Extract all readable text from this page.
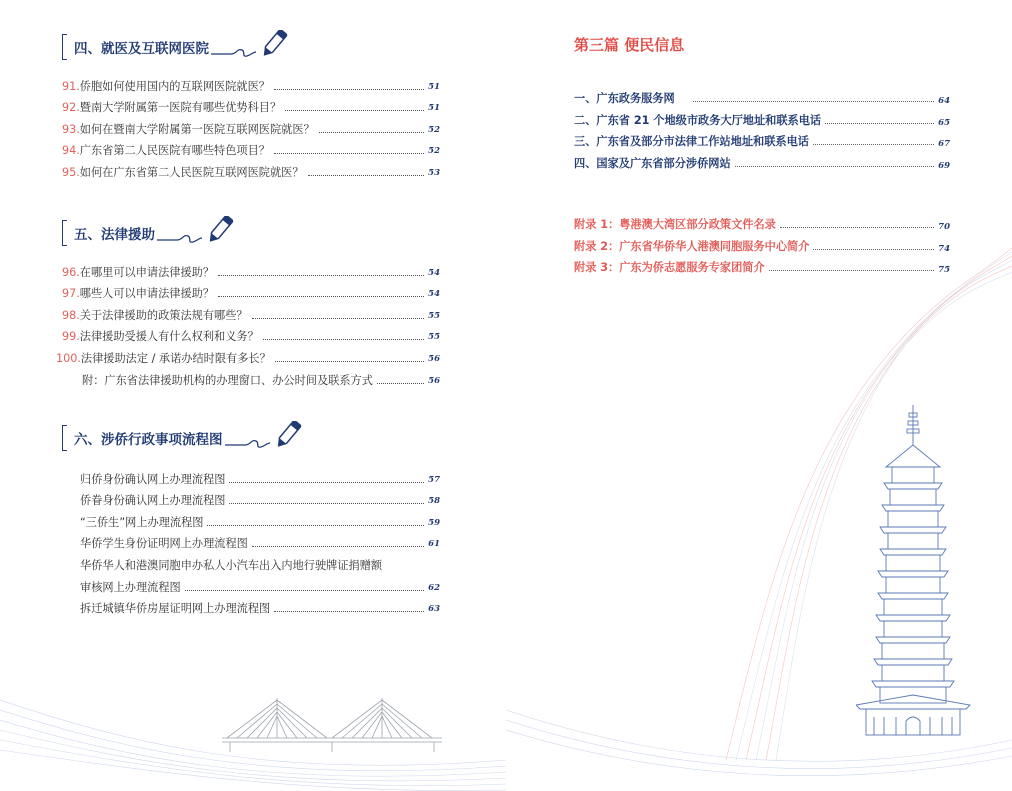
四、就医及互联网医院
91. 侨胞如何使用国内的互联网医院就医？	51
92. 暨南大学附属第一医院有哪些优势科目？	51
93. 如何在暨南大学附属第一医院互联网医院就医？	52
94. 广东省第二人民医院有哪些特色项目？	52
95. 如何在广东省第二人民医院互联网医院就医？	53
五、法律援助
96. 在哪里可以申请法律援助？	54
97. 哪些人可以申请法律援助？	54
98. 关于法律援助的政策法规有哪些？	55
99. 法律援助受援人有什么权利和义务？	55
100. 法律援助法定 / 承诺办结时限有多长？	56
附：广东省法律援助机构的办理窗口、办公时间及联系方式	56
六、涉侨行政事项流程图
归侨身份确认网上办理流程图	57
侨眷身份确认网上办理流程图	58
“三侨生”网上办理流程图	59
华侨学生身份证明网上办理流程图	61
华侨华人和港澳同胞申办私人小汽车出入内地行驶牌证捐赠额
审核网上办理流程图	62
拆迁城镇华侨房屋证明网上办理流程图	63
第三篇 便民信息
一、广东政务服务网	64
二、广东省 21 个地级市政务大厅地址和联系电话	65
三、广东省及部分市法律工作站地址和联系电话	67
四、国家及广东省部分涉侨网站	69
附录 1：粤港澳大湾区部分政策文件名录	70
附录 2：广东省华侨华人港澳同胞服务中心简介	74
附录 3：广东为侨志愿服务专家团简介	75
